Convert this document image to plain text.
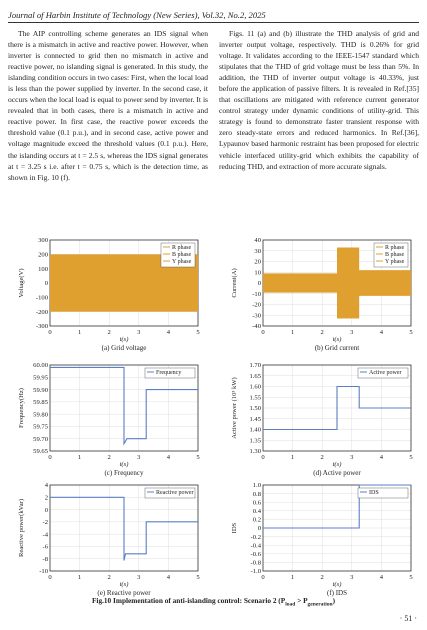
Journal of Harbin Institute of Technology (New Series), Vol.32, No.2, 2025

The AIP controlling scheme generates an IDS signal when there is a mismatch in active and reactive power. However, when inverter is connected to grid then no mismatch in active and reactive power, no islanding signal is generated. In this study, the islanding condition occurs in two cases: First, when the local load is less than the power supplied by inverter. In the second case, it occurs when the local load is equal to power send by inverter. It is revealed that in both cases, there is a mismatch in active and reactive power. In first case, the reactive power exceeds the threshold value (0.1 p.u.), and in second case, active power and voltage magnitude exceed the threshold values (0.1 p.u.). Here, the islanding occurs at t = 2.5 s, whereas the IDS signal generates at t = 3.25 s i.e. after t = 0.75 s, which is the detection time, as shown in Fig. 10 (f).

Figs. 11 (a) and (b) illustrate the THD analysis of grid and inverter output voltage, respectively. THD is 0.26% for grid voltage. It validates according to the IEEE-1547 standard which stipulates that the THD of grid voltage must be less than 5%. In addition, the THD of inverter output voltage is 40.33%, just before the application of passive filters. It is revealed in Ref.[35] that oscillations are mitigated with reference current generator control strategy under dynamic conditions of utility-grid. This strategy is found to demonstrate faster transient response with zero steady-state errors and reduced harmonics. In Ref.[36], Lypaunov based harmonic restraint has been proposed for electric vehicle interfaced utility-grid which exhibits the capability of reducing THD, and extraction of more accurate signals.

300
200
100
0
-100
-200
-300
0	1	2	3	4	5
R phase
B phase
Y phase
t(s)
(a) Grid voltage
Voltage(V)
40
30
20
10
0
-10
-20
-30
-40
0	1	2	3	4	5
R phase
B phase
Y phase
t(s)
(b) Grid current
Current(A)
60.00
59.95
59.90
59.85
59.80
59.75
59.70
59.65
0	1	2	3	4	5
Frequency
t(s)
(c) Frequency
Frequency(Hz)
1.70
1.65
1.60
1.55
1.50
1.45
1.40
1.35
1.30
0	1	2	3	4	5
Active power
t(s)
(d) Active power
Active power (10³ kW)
4
2
0
-2
-4
-6
-8
-10
0	1	2	3	4	5
Reactive power
t(s)
(e) Reactive power
Reactive power(kVar)
1.0
0.8
0.6
0.4
0.2
0
-0.2
-0.4
-0.6
-0.8
-1.0
0	1	2	3	4	5
IDS
t(s)
(f) IDS
IDS
Fig.10 Implementation of anti-islanding control: Scenario 2 $(P_{load} > P_{generation})$
· 51 ·
